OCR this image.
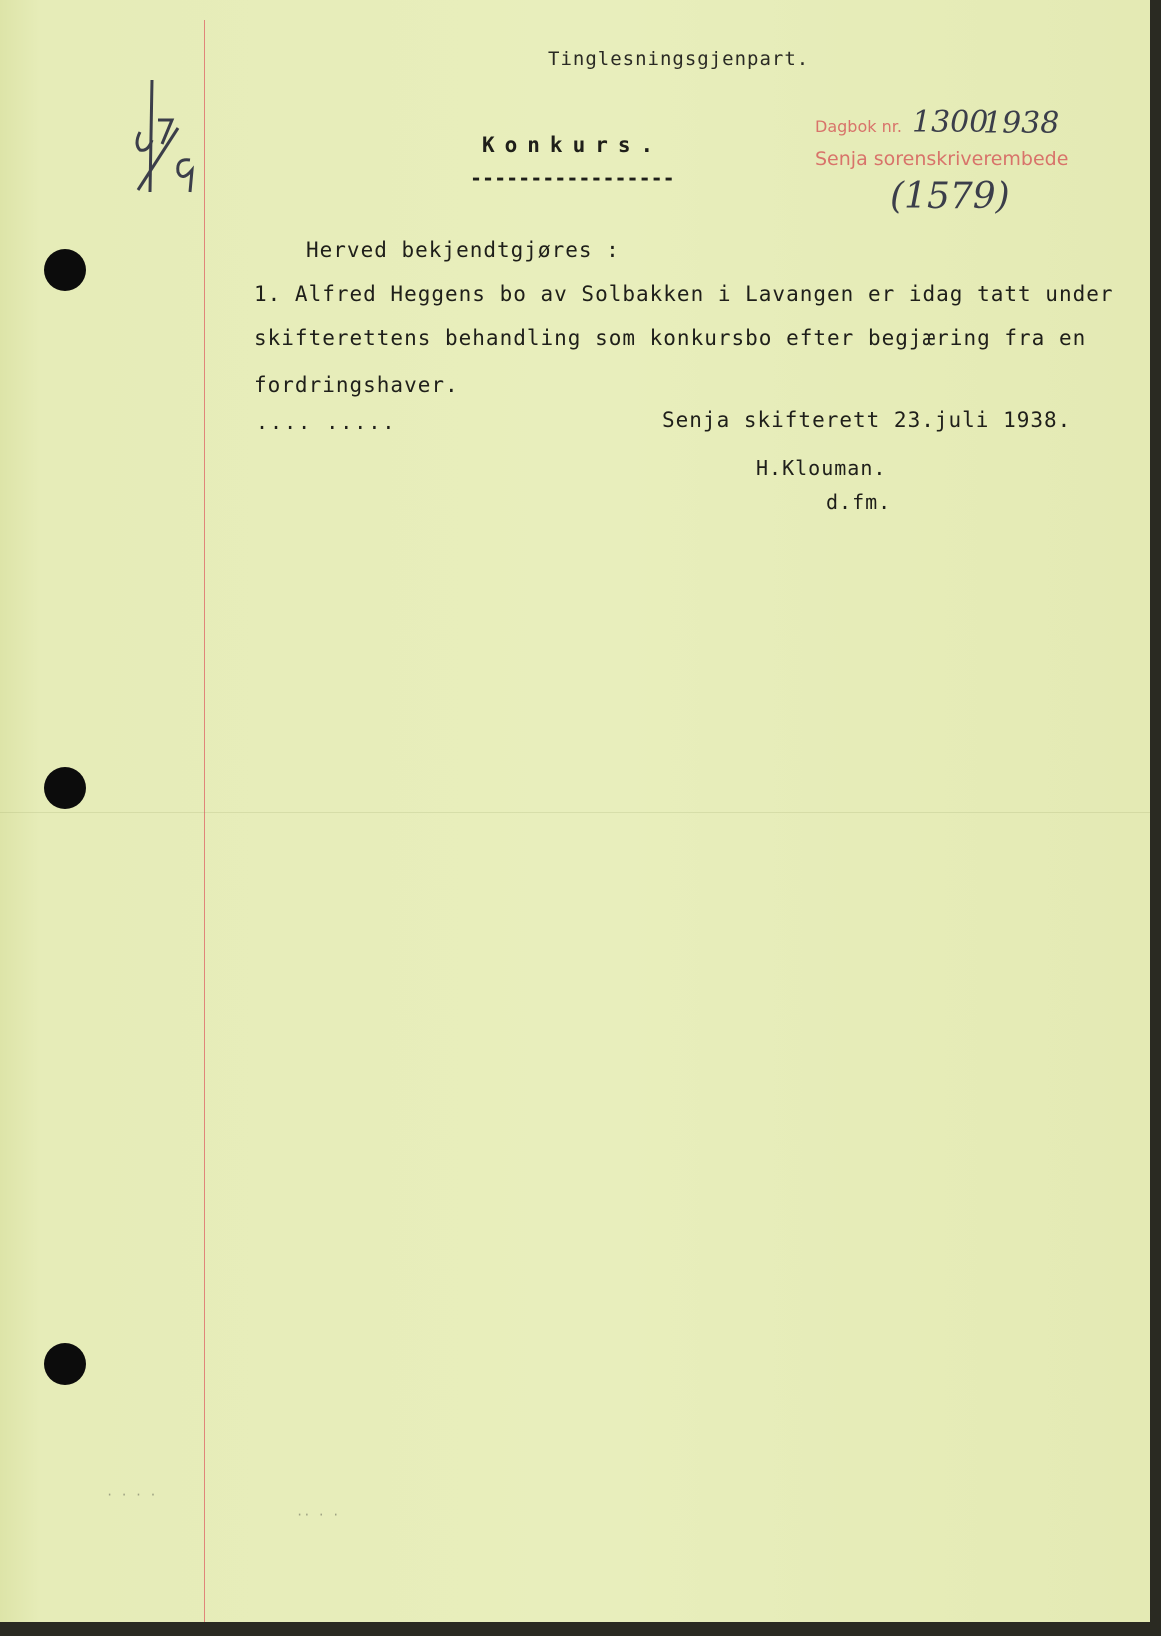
Tinglesningsgjenpart.
Konkurs.
-----------------
Herved bekjendtgjøres :
1. Alfred Heggens bo av Solbakken i Lavangen er idag tatt under
skifterettens behandling som konkursbo efter begjæring fra en
fordringshaver.
.... .....	Senja skifterett 23.juli 1938.
H.Klouman.
d.fm.
Dagbok nr.
Senja sorenskriverembede
1300
1938
(1579)
· · · ·
·· · ·
